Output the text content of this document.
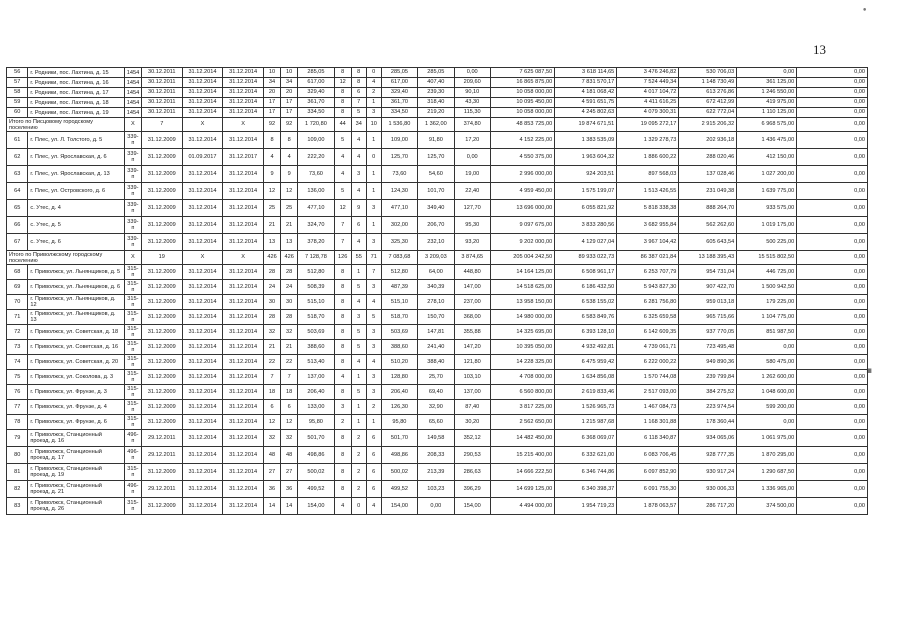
13
•
▪
56	г. Родники, пос. Лахтина, д. 15	1454	30.12.2011	31.12.2014	31.12.2014	10	10	285,05	8	8	0	285,05	285,05	0,00	7 625 087,50	3 618 114,65	3 476 246,82	530 706,03	0,00	0,00
57	г. Родники, пос. Лахтина, д. 16	1454	30.12.2011	31.12.2014	31.12.2014	34	34	617,00	12	8	4	617,00	407,40	209,60	16 865 875,00	7 831 570,17	7 524 449,34	1 148 730,49	361 125,00	0,00
58	г. Родники, пос. Лахтина, д. 17	1454	30.12.2011	31.12.2014	31.12.2014	20	20	329,40	8	6	2	329,40	239,30	90,10	10 058 000,00	4 181 068,42	4 017 104,72	613 276,86	1 246 550,00	0,00
59	г. Родники, пос. Лахтина, д. 18	1454	30.12.2011	31.12.2014	31.12.2014	17	17	361,70	8	7	1	361,70	318,40	43,30	10 095 450,00	4 591 651,75	4 411 616,25	672 412,99	419 975,00	0,00
60	г. Родники, пос. Лахтина, д. 19	1454	30.12.2011	31.12.2014	31.12.2014	17	17	334,50	8	5	3	334,50	219,20	115,30	10 058 000,00	4 245 802,63	4 079 300,31	622 772,04	1 110 125,00	0,00
Итого по Писцовому городскому поселению		X	7	X	X	92	92	1 720,80	44	34	10	1 536,80	1 362,00	374,80	48 853 725,00	19 874 671,51	19 095 272,17	2 915 206,32	6 968 575,00	0,00
61	г. Плес, ул. Л. Толстого, д. 5	339-п	31.12.2009	31.12.2014	31.12.2014	8	8	109,00	5	4	1	109,00	91,80	17,20	4 152 225,00	1 383 535,09	1 329 278,73	202 936,18	1 436 475,00	0,00
62	г. Плес, ул. Ярославская, д. 6	339-п	31.12.2009	01.09.2017	31.12.2017	4	4	222,20	4	4	0	125,70	125,70	0,00	4 550 375,00	1 963 604,32	1 886 600,22	288 020,46	412 150,00	0,00
63	г. Плес, ул. Ярославская, д. 13	339-п	31.12.2009	31.12.2014	31.12.2014	9	9	73,60	4	3	1	73,60	54,60	19,00	2 996 000,00	924 203,51	897 568,03	137 028,46	1 027 200,00	0,00
64	г. Плес, ул. Островского, д. 6	339-п	31.12.2009	31.12.2014	31.12.2014	12	12	136,00	5	4	1	124,30	101,70	22,40	4 959 450,00	1 575 199,07	1 513 426,55	231 049,38	1 639 775,00	0,00
65	с. Утес, д. 4	339-п	31.12.2009	31.12.2014	31.12.2014	25	25	477,10	12	9	3	477,10	349,40	127,70	13 696 000,00	6 055 821,92	5 818 338,38	888 264,70	933 575,00	0,00
66	с. Утес, д. 5	339-п	31.12.2009	31.12.2014	31.12.2014	21	21	324,70	7	6	1	302,00	206,70	95,30	9 097 675,00	3 833 280,56	3 682 955,84	562 262,60	1 019 175,00	0,00
67	с. Утес, д. 6	339-п	31.12.2009	31.12.2014	31.12.2014	13	13	378,20	7	4	3	325,30	232,10	93,20	9 202 000,00	4 129 027,04	3 967 104,42	605 643,54	500 225,00	0,00
Итого по Приволжскому городскому поселению		X	19	X	X	426	426	7 128,78	126	55	71	7 083,68	3 209,03	3 874,65	205 004 242,50	89 933 022,73	86 387 021,84	13 188 395,43	15 515 802,50	0,00
68	г. Приволжск, ул. Льнянщиков, д. 5	315-п	31.12.2009	31.12.2014	31.12.2014	28	28	512,80	8	1	7	512,80	64,00	448,80	14 164 125,00	6 508 961,17	6 253 707,79	954 731,04	446 725,00	0,00
69	г. Приволжск, ул. Льнянщиков, д. 6	315-п	31.12.2009	31.12.2014	31.12.2014	24	24	508,39	8	5	3	487,39	340,39	147,00	14 518 625,00	6 186 432,50	5 943 827,30	907 422,70	1 500 942,50	0,00
70	г. Приволжск, ул. Льнянщиков, д. 12	315-п	31.12.2009	31.12.2014	31.12.2014	30	30	515,10	8	4	4	515,10	278,10	237,00	13 958 150,00	6 538 155,02	6 281 756,80	959 013,18	179 225,00	0,00
71	г. Приволжск, ул. Льнянщиков, д. 13	315-п	31.12.2009	31.12.2014	31.12.2014	28	28	518,70	8	3	5	518,70	150,70	368,00	14 980 000,00	6 583 849,76	6 325 659,58	965 715,66	1 104 775,00	0,00
72	г. Приволжск, ул. Советская, д. 18	315-п	31.12.2009	31.12.2014	31.12.2014	32	32	503,69	8	5	3	503,69	147,81	355,88	14 325 695,00	6 393 128,10	6 142 609,35	937 770,05	851 987,50	0,00
73	г. Приволжск, ул. Советская, д. 16	315-п	31.12.2009	31.12.2014	31.12.2014	21	21	388,60	8	5	3	388,60	241,40	147,20	10 395 050,00	4 932 492,81	4 739 061,71	723 495,48	0,00	0,00
74	г. Приволжск, ул. Советская, д. 20	315-п	31.12.2009	31.12.2014	31.12.2014	22	22	513,40	8	4	4	510,20	388,40	121,80	14 228 325,00	6 475 959,42	6 222 000,22	949 890,36	580 475,00	0,00
75	г. Приволжск, ул. Соколова, д. 3	315-п	31.12.2009	31.12.2014	31.12.2014	7	7	137,00	4	1	3	128,80	25,70	103,10	4 708 000,00	1 634 856,08	1 570 744,08	239 799,84	1 262 600,00	0,00
76	г. Приволжск, ул. Фрунзе, д. 3	315-п	31.12.2009	31.12.2014	31.12.2014	18	18	206,40	8	5	3	206,40	69,40	137,00	6 560 800,00	2 619 833,46	2 517 093,00	384 275,52	1 048 600,00	0,00
77	г. Приволжск, ул. Фрунзе, д. 4	315-п	31.12.2009	31.12.2014	31.12.2014	6	6	133,00	3	1	2	126,30	32,90	87,40	3 817 225,00	1 526 965,73	1 467 084,73	223 974,54	599 200,00	0,00
78	г. Приволжск, ул. Фрунзе, д. 6	315-п	31.12.2009	31.12.2014	31.12.2014	12	12	95,80	2	1	1	95,80	65,60	30,20	2 562 650,00	1 215 987,68	1 168 301,88	178 360,44	0,00	0,00
79	г. Приволжск, Станционный проезд, д. 16	496-п	29.12.2011	31.12.2014	31.12.2014	32	32	501,70	8	2	6	501,70	149,58	352,12	14 482 450,00	6 368 069,07	6 118 340,87	934 065,06	1 061 975,00	0,00
80	г. Приволжск, Станционный проезд, д. 17	496-п	29.12.2011	31.12.2014	31.12.2014	48	48	498,86	8	2	6	498,86	208,33	290,53	15 215 400,00	6 332 621,00	6 083 706,45	928 777,35	1 870 295,00	0,00
81	г. Приволжск, Станционный проезд, д. 19	315-п	31.12.2009	31.12.2014	31.12.2014	27	27	500,02	8	2	6	500,02	213,39	286,63	14 666 222,50	6 346 744,86	6 097 852,90	930 917,24	1 290 687,50	0,00
82	г. Приволжск, Станционный проезд, д. 21	496-п	29.12.2011	31.12.2014	31.12.2014	36	36	499,52	8	2	6	499,52	103,23	396,29	14 699 125,00	6 340 398,37	6 091 755,30	930 006,33	1 336 965,00	0,00
83	г. Приволжск, Станционный проезд, д. 26	315-п	31.12.2009	31.12.2014	31.12.2014	14	14	154,00	4	0	4	154,00	0,00	154,00	4 494 000,00	1 954 719,23	1 878 063,57	286 717,20	374 500,00	0,00
